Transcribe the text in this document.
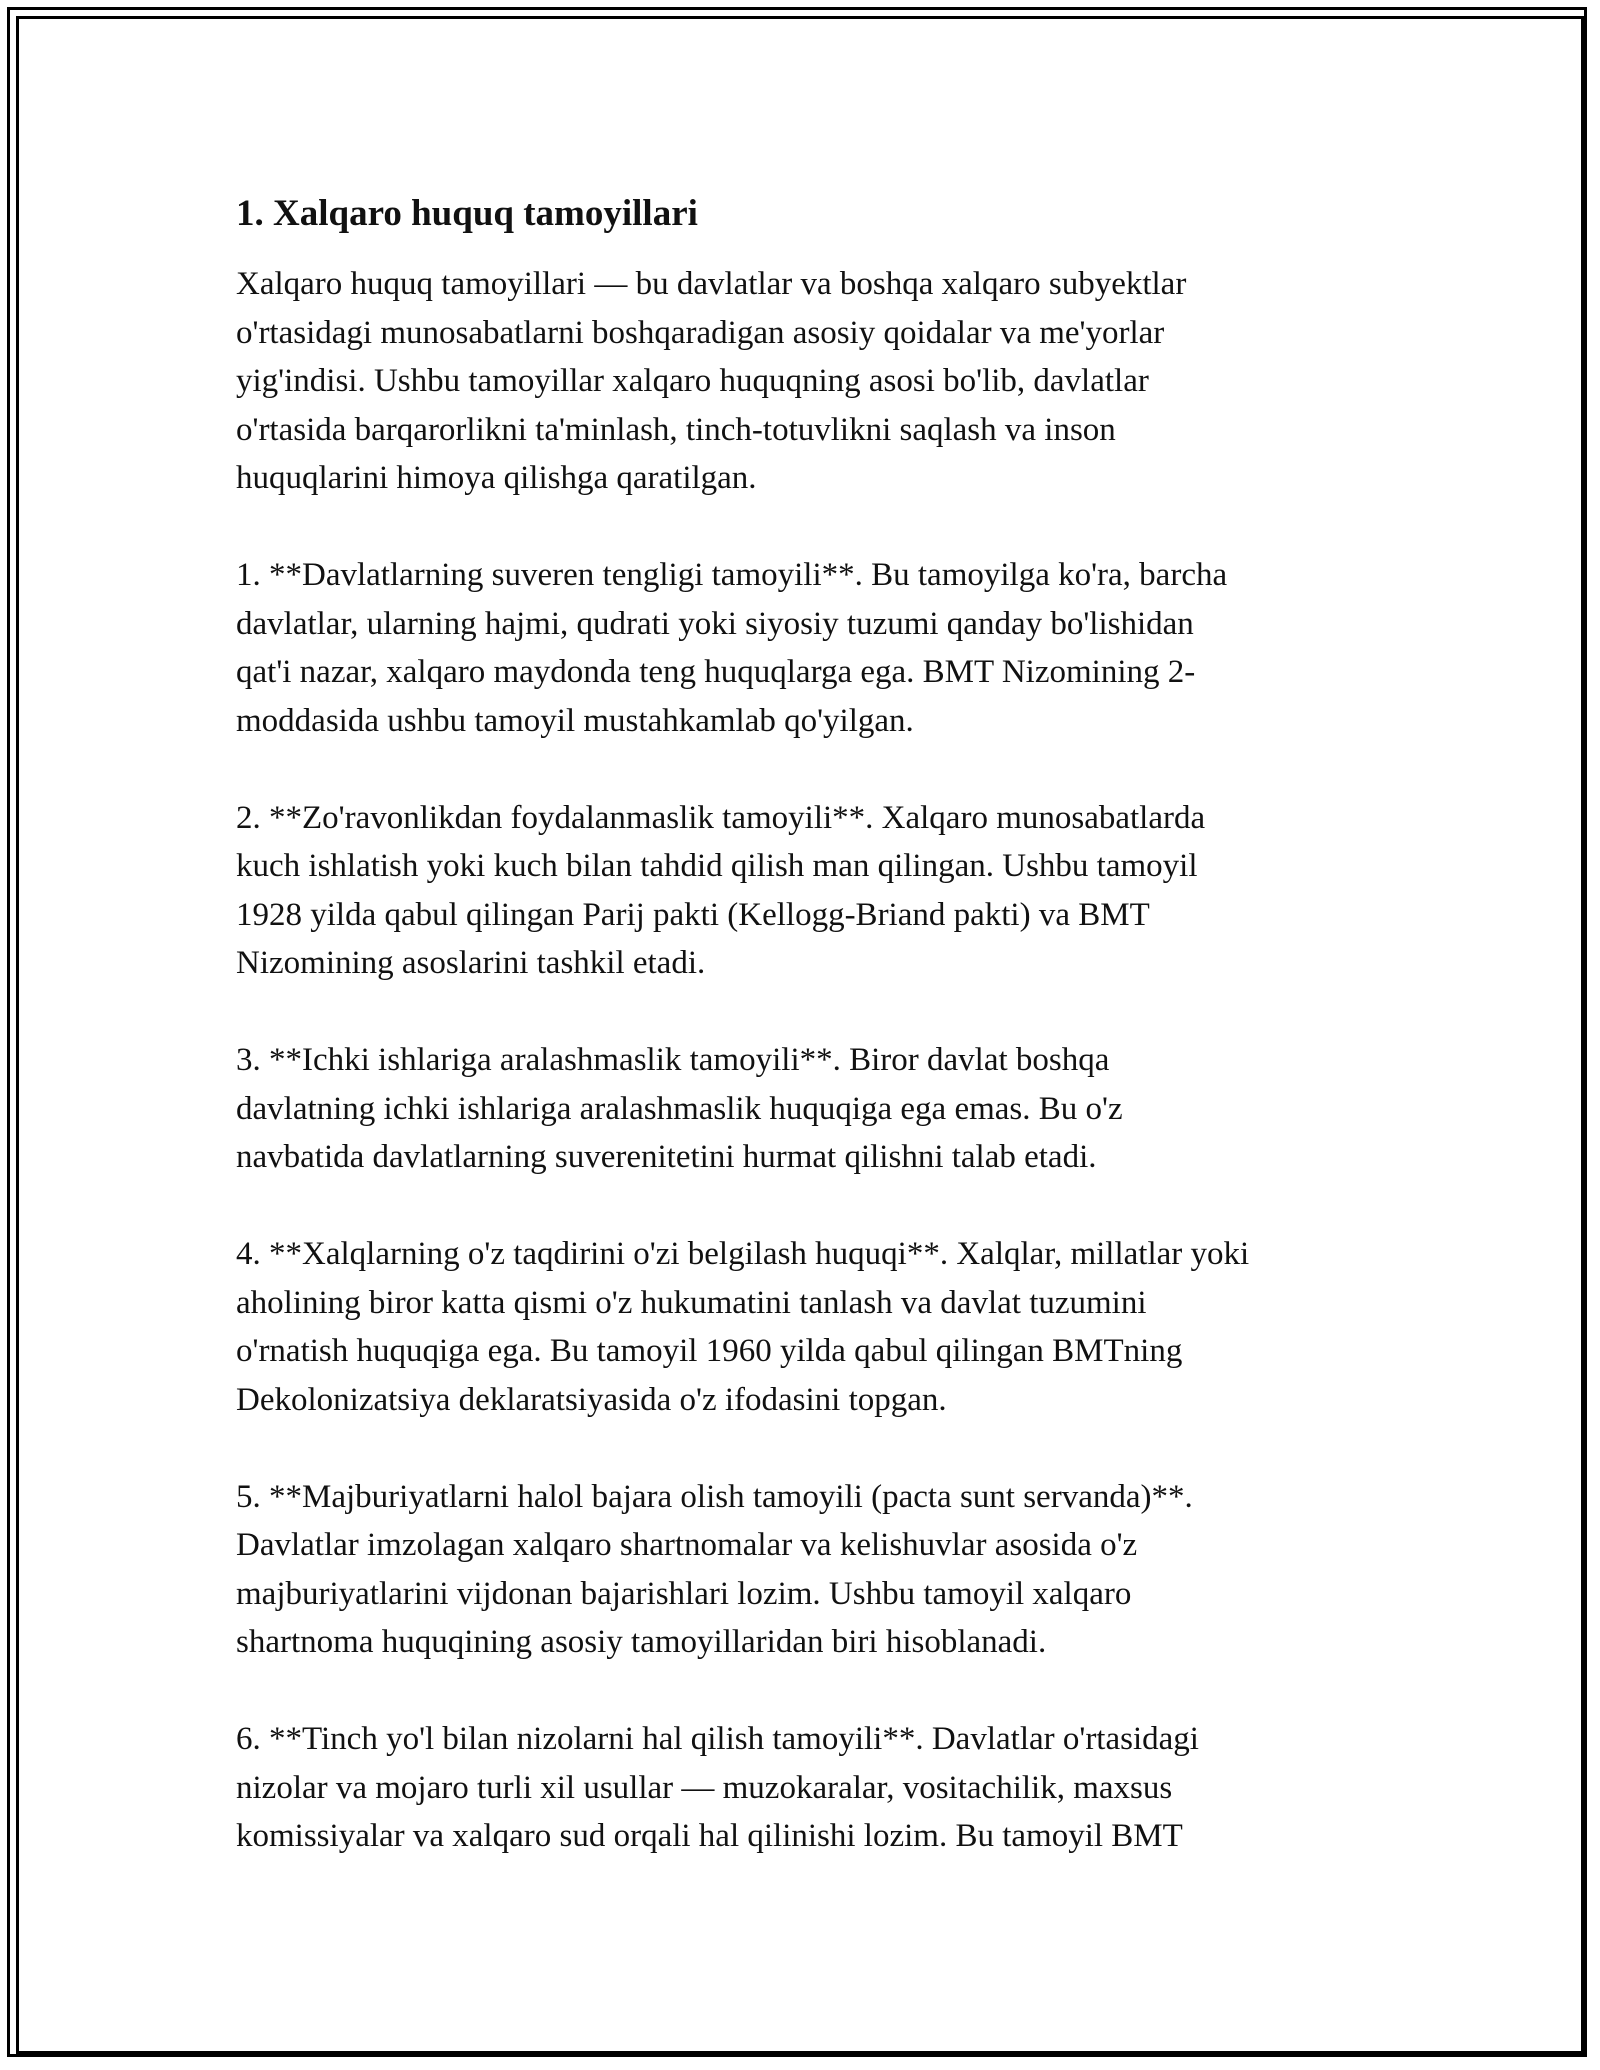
1. Xalqaro huquq tamoyillari

Xalqaro huquq tamoyillari — bu davlatlar va boshqa xalqaro subyektlar
o'rtasidagi munosabatlarni boshqaradigan asosiy qoidalar va me'yorlar
yig'indisi. Ushbu tamoyillar xalqaro huquqning asosi bo'lib, davlatlar
o'rtasida barqarorlikni ta'minlash, tinch-totuvlikni saqlash va inson
huquqlarini himoya qilishga qaratilgan.

1. **Davlatlarning suveren tengligi tamoyili**. Bu tamoyilga ko'ra, barcha
davlatlar, ularning hajmi, qudrati yoki siyosiy tuzumi qanday bo'lishidan
qat'i nazar, xalqaro maydonda teng huquqlarga ega. BMT Nizomining 2-
moddasida ushbu tamoyil mustahkamlab qo'yilgan.

2. **Zo'ravonlikdan foydalanmaslik tamoyili**. Xalqaro munosabatlarda
kuch ishlatish yoki kuch bilan tahdid qilish man qilingan. Ushbu tamoyil
1928 yilda qabul qilingan Parij pakti (Kellogg-Briand pakti) va BMT
Nizomining asoslarini tashkil etadi.

3. **Ichki ishlariga aralashmaslik tamoyili**. Biror davlat boshqa
davlatning ichki ishlariga aralashmaslik huquqiga ega emas. Bu o'z
navbatida davlatlarning suverenitetini hurmat qilishni talab etadi.

4. **Xalqlarning o'z taqdirini o'zi belgilash huquqi**. Xalqlar, millatlar yoki
aholining biror katta qismi o'z hukumatini tanlash va davlat tuzumini
o'rnatish huquqiga ega. Bu tamoyil 1960 yilda qabul qilingan BMTning
Dekolonizatsiya deklaratsiyasida o'z ifodasini topgan.

5. **Majburiyatlarni halol bajara olish tamoyili (pacta sunt servanda)**.
Davlatlar imzolagan xalqaro shartnomalar va kelishuvlar asosida o'z
majburiyatlarini vijdonan bajarishlari lozim. Ushbu tamoyil xalqaro
shartnoma huquqining asosiy tamoyillaridan biri hisoblanadi.

6. **Tinch yo'l bilan nizolarni hal qilish tamoyili**. Davlatlar o'rtasidagi
nizolar va mojaro turli xil usullar — muzokaralar, vositachilik, maxsus
komissiyalar va xalqaro sud orqali hal qilinishi lozim. Bu tamoyil BMT
